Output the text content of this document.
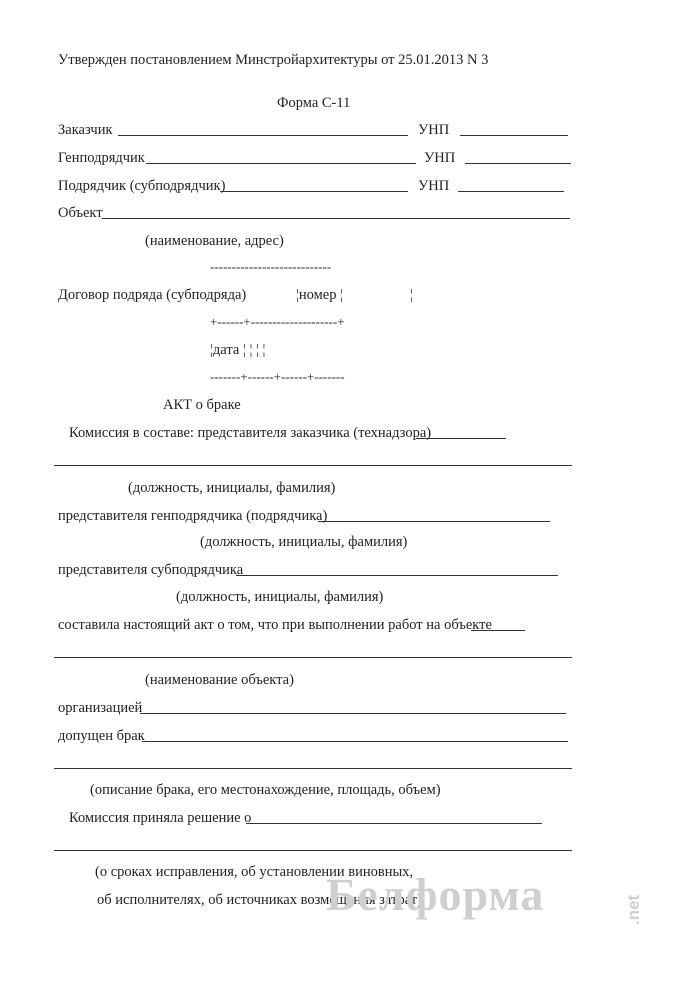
Утвержден постановлением Минстройархитектуры от 25.01.2013 N 3
Форма С-11
Заказчик	УНП
Генподрядчик	УНП
Подрядчик (субподрядчик)	УНП
Объект
(наименование, адрес)
----------------------------
Договор подряда (субподряда)	¦номер ¦	¦
+------+--------------------+
¦дата ¦ ¦ ¦ ¦
-------+------+------+-------
АКТ о браке
Комиссия в составе: представителя заказчика (технадзора)
(должность, инициалы, фамилия)
представителя генподрядчика (подрядчика)
(должность, инициалы, фамилия)
представителя субподрядчика
(должность, инициалы, фамилия)
составила настоящий акт о том, что при выполнении работ на объекте
(наименование объекта)
организацией
допущен брак
(описание брака, его местонахождение, площадь, объем)
Комиссия приняла решение о
(о сроках исправления, об установлении виновных,
об исполнителях, об источниках возмещения затрат)
Белформа	.net
